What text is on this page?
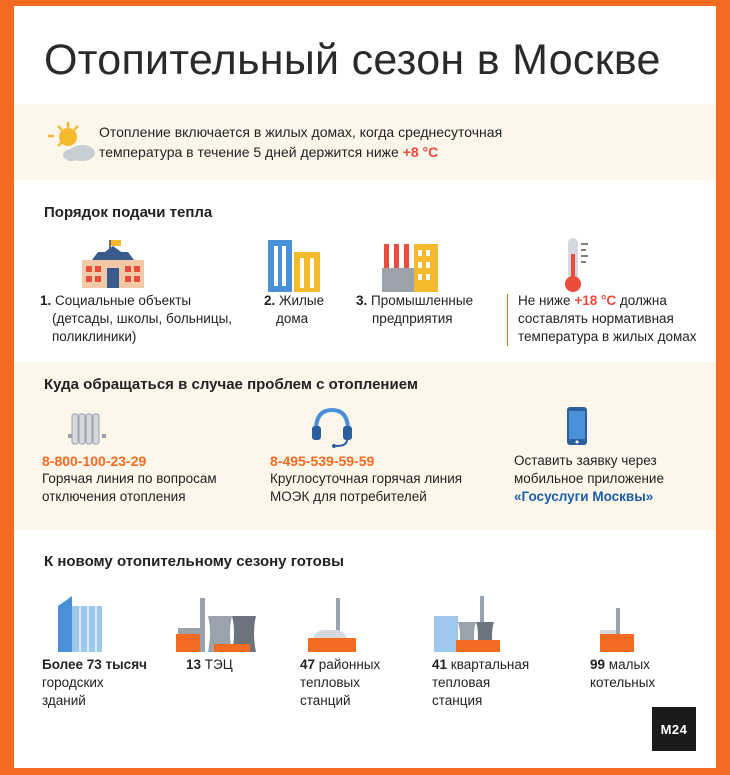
Отопительный сезон в Москве
Отопление включается в жилых домах, когда среднесуточная
температура в течение 5 дней держится ниже +8 °С
Порядок подачи тепла
1. Социальные объекты
(детсады, школы, больницы,
поликлиники)
2. Жилые
дома
3. Промышленные
предприятия
Не ниже +18 °С должна
составлять нормативная
температура в жилых домах
Куда обращаться в случае проблем с отоплением
8-800-100-23-29
Горячая линия по вопросам
отключения отопления
8-495-539-59-59
Круглосуточная горячая линия
МОЭК для потребителей
Оставить заявку через
мобильное приложение
«Госуслуги Москвы»
К новому отопительному сезону готовы
Более 73 тысяч
городских
зданий
13 ТЭЦ	47 районных
тепловых
станций
41 квартальная
тепловая
станция
99 малых
котельных
M24
